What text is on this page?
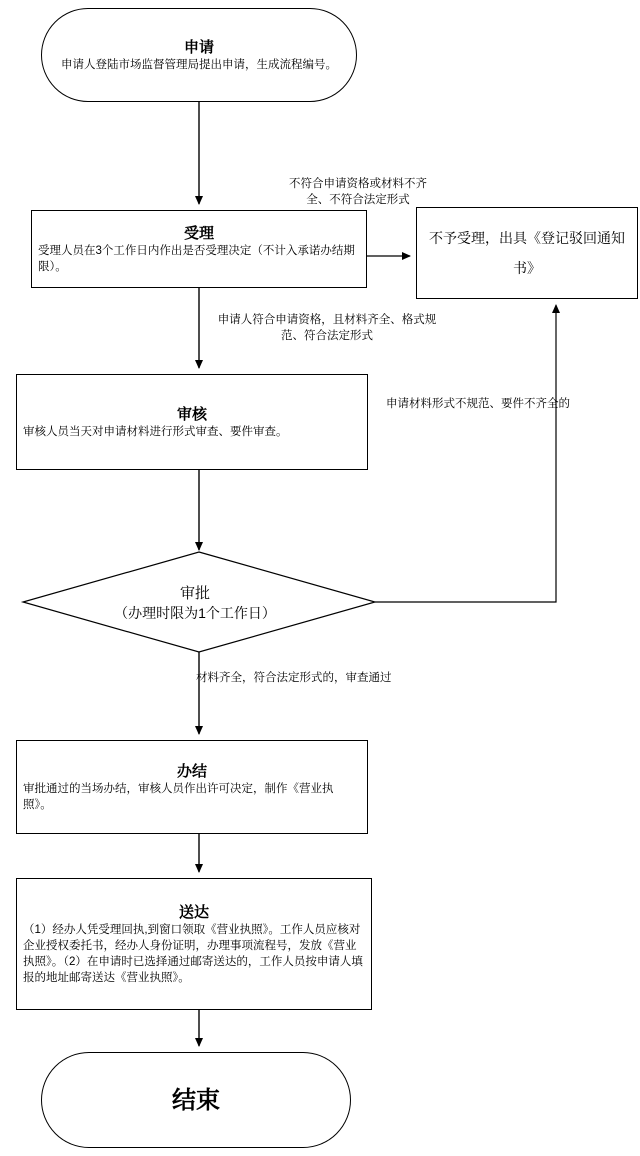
申请
申请人登陆市场监督管理局提出申请，生成流程编号。
受理
受理人员在3个工作日内作出是否受理决定（不计入承诺办结期限）。
不予受理，出具《登记驳回通知书》
审核
审核人员当天对申请材料进行形式审查、要件审查。
审批
（办理时限为1个工作日）
办结
审批通过的当场办结，审核人员作出许可决定，制作《营业执照》。
送达
（1）经办人凭受理回执,到窗口领取《营业执照》。工作人员应核对企业授权委托书，经办人身份证明，办理事项流程号，发放《营业执照》。（2）在申请时已选择通过邮寄送达的，工作人员按申请人填报的地址邮寄送达《营业执照》。
结束
不符合申请资格或材料不齐全、不符合法定形式
申请人符合申请资格，且材料齐全、格式规范、符合法定形式
申请材料形式不规范、要件不齐全的
材料齐全，符合法定形式的，审查通过
